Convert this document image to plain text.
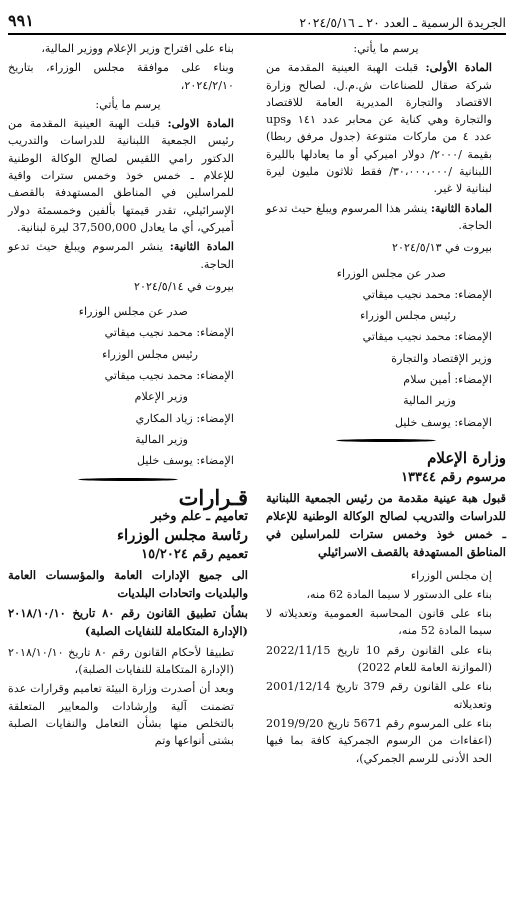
الجريدة الرسمية ـ العدد ٢٠ ـ ٢٠٢٤/٥/١٦
٩٩١

يرسم ما يأتي:

المادة الأولى: قبلت الهبة العينية المقدمة من شركة صقال للصناعات ش.م.ل. لصالح وزارة الاقتصاد والتجارة المديرية العامة للاقتصاد والتجارة وهي كناية عن محابر عدد ١٤١ وups عدد ٤ من ماركات متنوعة (جدول مرفق ربطا) بقيمة /٢٠٠٠/ دولار اميركي أو ما يعادلها بالليرة اللبنانية /٣٠،٠٠٠،٠٠٠/ فقط ثلاثون مليون ليرة لبنانية لا غير.

المادة الثانية: ينشر هذا المرسوم ويبلغ حيث تدعو الحاجة.

بيروت في ٢٠٢٤/٥/١٣

صدر عن مجلس الوزراء

الإمضاء: محمد نجيب ميقاتي

رئيس مجلس الوزراء

الإمضاء: محمد نجيب ميقاتي

وزير الإقتصاد والتجارة

الإمضاء: أمين سلام

وزير المالية

الإمضاء: يوسف خليل

وزارة الإعلام

مرسوم رقم ١٣٣٤٤

قبول هبة عينية مقدمة من رئيس الجمعية اللبنانية للدراسات والتدريب لصالح الوكالة الوطنية للإعلام ـ خمس خوذ وخمس سترات للمراسلين في المناطق المستهدفة بالقصف الاسرائيلي

إن مجلس الوزراء

بناء على الدستور لا سيما المادة 62 منه،

بناء على قانون المحاسبة العمومية وتعديلاته لا سيما المادة 52 منه،

بناء على القانون رقم 10 تاريخ 2022/11/15 (الموازنة العامة للعام 2022)

بناء على القانون رقم 379 تاريخ 2001/12/14 وتعديلاته

بناء على المرسوم رقم 5671 تاريخ 2019/9/20 (اعفاءات من الرسوم الجمركية كافة بما فيها الحد الأدنى للرسم الجمركي)،

بناء على اقتراح وزير الإعلام ووزير المالية،

وبناء على موافقة مجلس الوزراء، بتاريخ ٢٠٢٤/٢/١٠،

يرسم ما يأتي:

المادة الاولى: قبلت الهبة العينية المقدمة من رئيس الجمعية اللبنانية للدراسات والتدريب الدكتور رامي اللقيس لصالح الوكالة الوطنية للإعلام ـ خمس خوذ وخمس سترات واقية للمراسلين في المناطق المستهدفة بالقصف الإسرائيلي، تقدر قيمتها بألفين وخمسمئة دولار أميركي، أي ما يعادل 37,500,000 ليرة لبنانية.

المادة الثانية: ينشر المرسوم ويبلغ حيث تدعو الحاجة.

بيروت في ٢٠٢٤/٥/١٤

صدر عن مجلس الوزراء

الإمضاء: محمد نجيب ميقاتي

رئيس مجلس الوزراء

الإمضاء: محمد نجيب ميقاتي

وزير الإعلام

الإمضاء: زياد المكاري

وزير المالية

الإمضاء: يوسف خليل

قـرارات

تعاميم ـ علم وخبر

رئاسة مجلس الوزراء

تعميم رقم ١٥/٢٠٢٤

الى جميع الإدارات العامة والمؤسسات العامة والبلديات واتحادات البلديات

بشأن تطبيق القانون رقم ٨٠ تاريخ ٢٠١٨/١٠/١٠ (الإدارة المتكاملة للنفايات الصلبة)

تطبيقا لأحكام القانون رقم ٨٠ تاريخ ٢٠١٨/١٠/١٠ (الإدارة المتكاملة للنفايات الصلبة)،

وبعد أن أصدرت وزارة البيئة تعاميم وقرارات عدة تضمنت آلية وإرشادات والمعايير المتعلقة بالتخلص منها بشأن التعامل والنفايات الصلبة بشتى أنواعها وتم
